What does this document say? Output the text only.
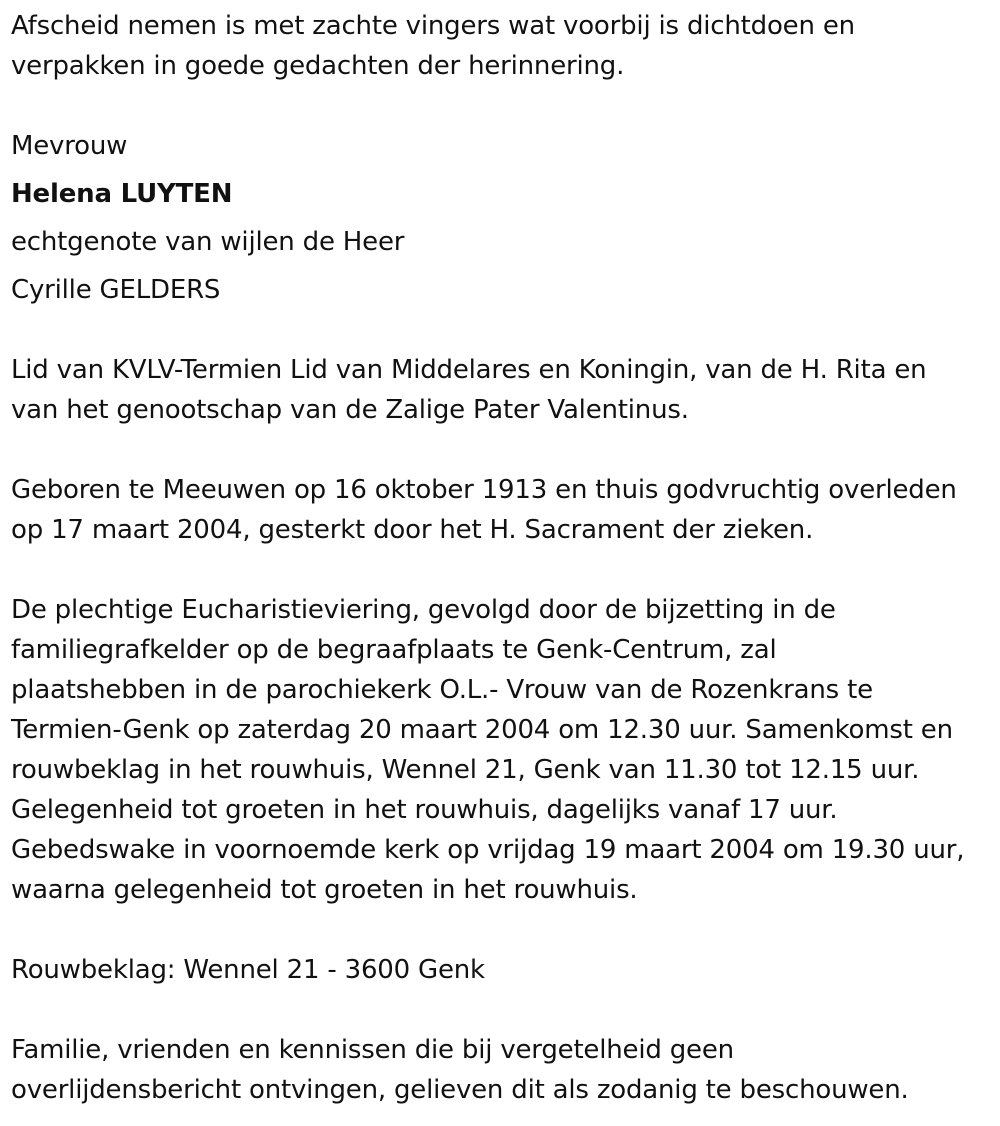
Afscheid nemen is met zachte vingers wat voorbij is dichtdoen en
verpakken in goede gedachten der herinnering.

Mevrouw
Helena LUYTEN
echtgenote van wijlen de Heer
Cyrille GELDERS

Lid van KVLV-Termien Lid van Middelares en Koningin, van de H. Rita en
van het genootschap van de Zalige Pater Valentinus.

Geboren te Meeuwen op 16 oktober 1913 en thuis godvruchtig overleden
op 17 maart 2004, gesterkt door het H. Sacrament der zieken.

De plechtige Eucharistieviering, gevolgd door de bijzetting in de
familiegrafkelder op de begraafplaats te Genk-Centrum, zal
plaatshebben in de parochiekerk O.L.- Vrouw van de Rozenkrans te
Termien-Genk op zaterdag 20 maart 2004 om 12.30 uur. Samenkomst en
rouwbeklag in het rouwhuis, Wennel 21, Genk van 11.30 tot 12.15 uur.
Gelegenheid tot groeten in het rouwhuis, dagelijks vanaf 17 uur.
Gebedswake in voornoemde kerk op vrijdag 19 maart 2004 om 19.30 uur,
waarna gelegenheid tot groeten in het rouwhuis.

Rouwbeklag: Wennel 21 - 3600 Genk

Familie, vrienden en kennissen die bij vergetelheid geen
overlijdensbericht ontvingen, gelieven dit als zodanig te beschouwen.
